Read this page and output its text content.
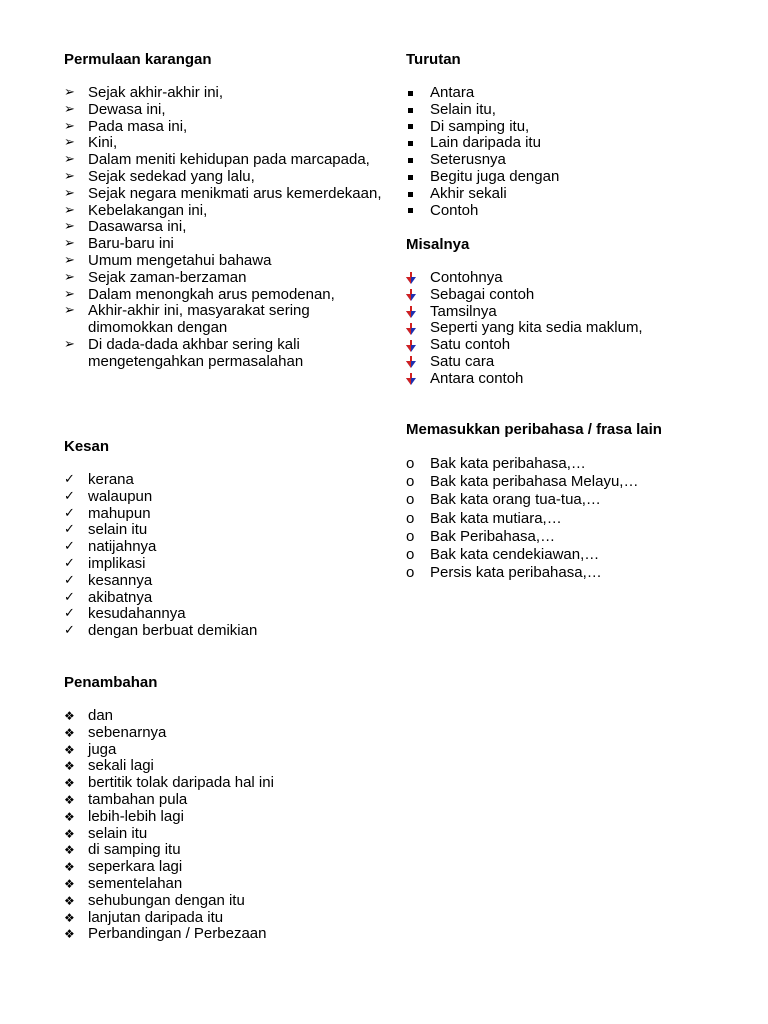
Permulaan karangan
➢ Sejak akhir-akhir ini,
➢ Dewasa ini,
➢ Pada masa ini,
➢ Kini,
➢ Dalam meniti kehidupan pada marcapada,
➢ Sejak sedekad yang lalu,
➢ Sejak negara menikmati arus kemerdekaan,
➢ Kebelakangan ini,
➢ Dasawarsa ini,
➢ Baru-baru ini
➢ Umum mengetahui bahawa
➢ Sejak zaman-berzaman
➢ Dalam menongkah arus pemodenan,
➢ Akhir-akhir ini, masyarakat sering dimomokkan dengan
➢ Di dada-dada akhbar sering kali mengetengahkan permasalahan
Kesan
✓ kerana
✓ walaupun
✓ mahupun
✓ selain itu
✓ natijahnya
✓ implikasi
✓ kesannya
✓ akibatnya
✓ kesudahannya
✓ dengan berbuat demikian
Penambahan
❖ dan
❖ sebenarnya
❖ juga
❖ sekali lagi
❖ bertitik tolak daripada hal ini
❖ tambahan pula
❖ lebih-lebih lagi
❖ selain itu
❖ di samping itu
❖ seperkara lagi
❖ sementelahan
❖ sehubungan dengan itu
❖ lanjutan daripada itu
❖ Perbandingan / Perbezaan
Turutan
Antara
Selain itu,
Di samping itu,
Lain daripada itu
Seterusnya
Begitu juga dengan
Akhir sekali
Contoh
Misalnya
Contohnya
Sebagai contoh
Tamsilnya
Seperti yang kita sedia maklum,
Satu contoh
Satu cara
Antara contoh
Memasukkan peribahasa / frasa lain
o	Bak kata peribahasa,…
o	Bak kata peribahasa Melayu,…
o	Bak kata orang tua-tua,…
o	Bak kata mutiara,…
o	Bak Peribahasa,…
o	Bak kata cendekiawan,…
o	Persis kata peribahasa,…
